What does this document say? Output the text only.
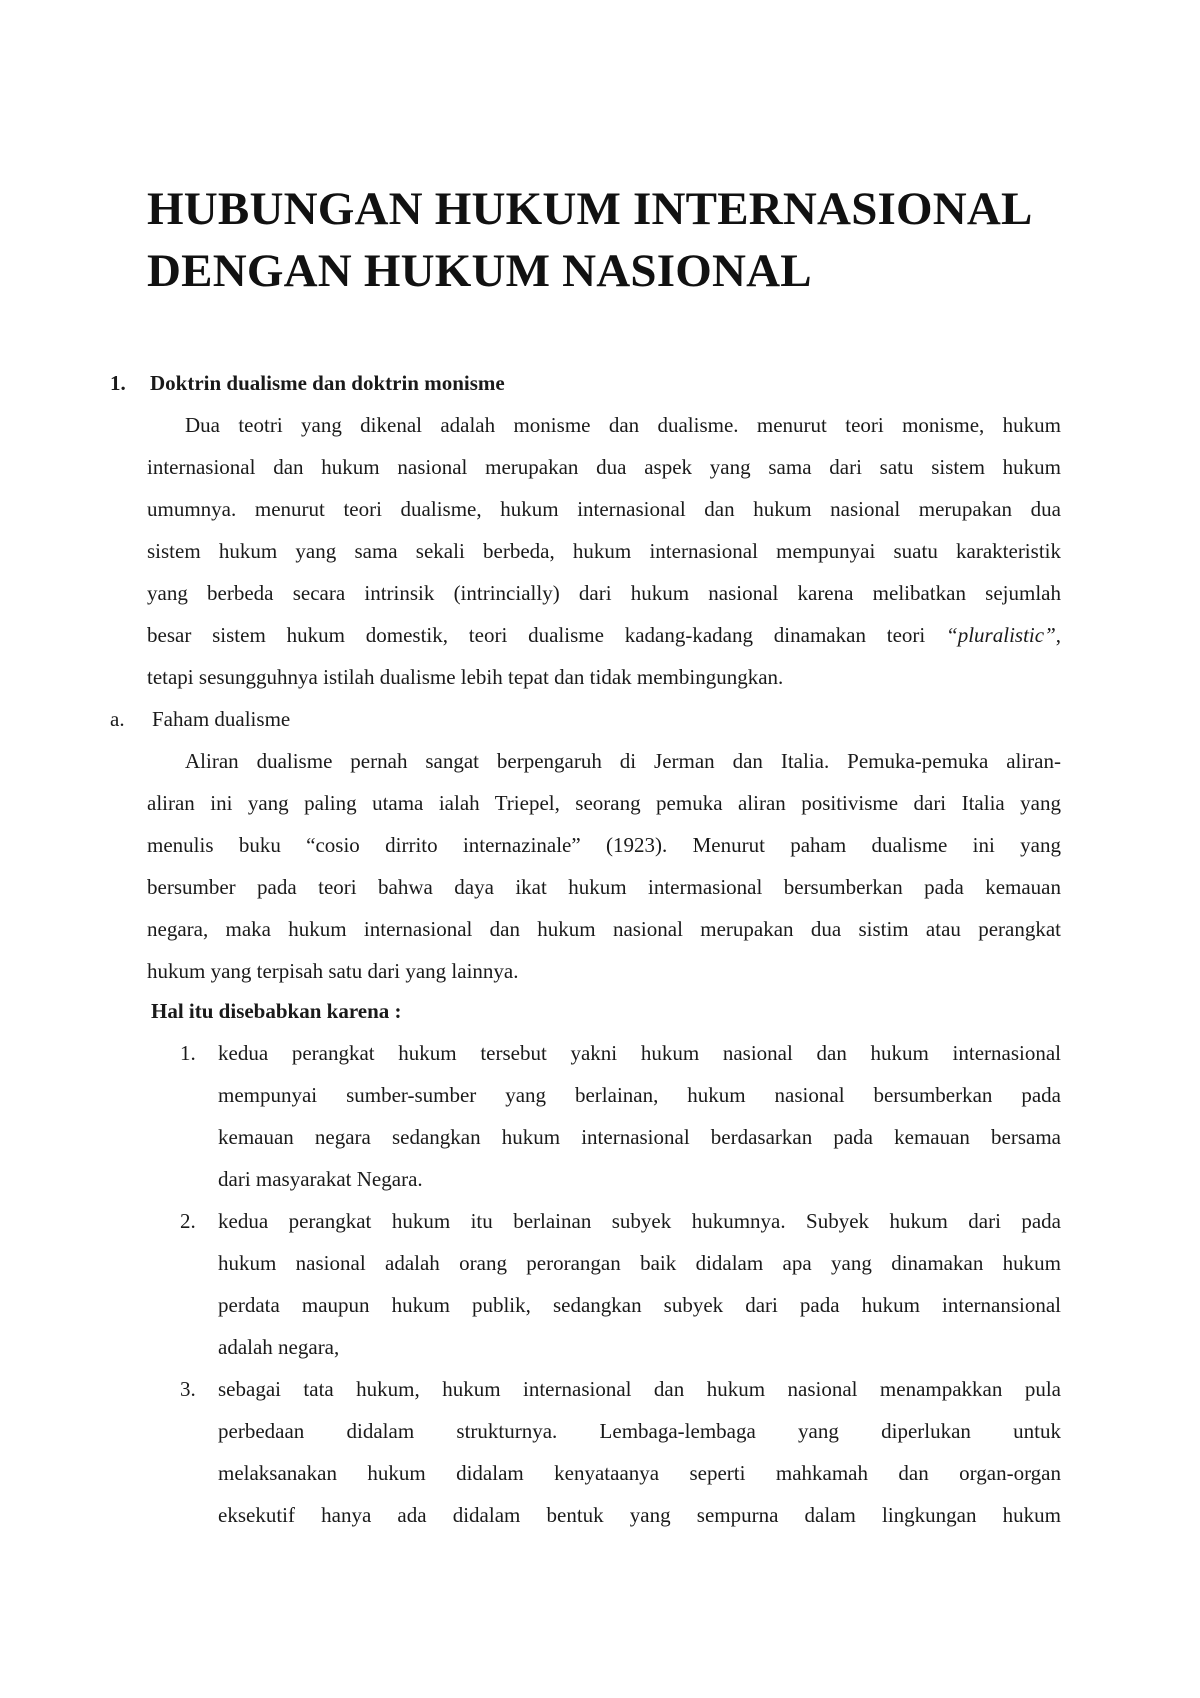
HUBUNGAN HUKUM INTERNASIONAL
DENGAN HUKUM NASIONAL
1. Doktrin dualisme dan doktrin monisme
Dua teotri yang dikenal adalah monisme dan dualisme. menurut teori monisme, hukum
internasional dan hukum nasional merupakan dua aspek yang sama dari satu sistem hukum
umumnya. menurut teori dualisme, hukum internasional dan hukum nasional merupakan dua
sistem hukum yang sama sekali berbeda, hukum internasional mempunyai suatu karakteristik
yang berbeda secara intrinsik (intrincially) dari hukum nasional karena melibatkan sejumlah
besar sistem hukum domestik, teori dualisme kadang-kadang dinamakan teori “pluralistic”,
tetapi sesungguhnya istilah dualisme lebih tepat dan tidak membingungkan.
a. Faham dualisme
Aliran dualisme pernah sangat berpengaruh di Jerman dan Italia. Pemuka-pemuka aliran-
aliran ini yang paling utama ialah Triepel, seorang pemuka aliran positivisme dari Italia yang
menulis buku “cosio dirrito internazinale” (1923). Menurut paham dualisme ini yang
bersumber pada teori bahwa daya ikat hukum intermasional bersumberkan pada kemauan
negara, maka hukum internasional dan hukum nasional merupakan dua sistim atau perangkat
hukum yang terpisah satu dari yang lainnya.
Hal itu disebabkan karena :
1.	kedua perangkat hukum tersebut yakni hukum nasional dan hukum internasional
mempunyai sumber-sumber yang berlainan, hukum nasional bersumberkan pada
kemauan negara sedangkan hukum internasional berdasarkan pada kemauan bersama
dari masyarakat Negara.
2.	kedua perangkat hukum itu berlainan subyek hukumnya. Subyek hukum dari pada
hukum nasional adalah orang perorangan baik didalam apa yang dinamakan hukum
perdata maupun hukum publik, sedangkan subyek dari pada hukum internansional
adalah negara,
3.	sebagai tata hukum, hukum internasional dan hukum nasional menampakkan pula
perbedaan didalam strukturnya. Lembaga-lembaga yang diperlukan untuk
melaksanakan hukum didalam kenyataanya seperti mahkamah dan organ-organ
eksekutif hanya ada didalam bentuk yang sempurna dalam lingkungan hukum
